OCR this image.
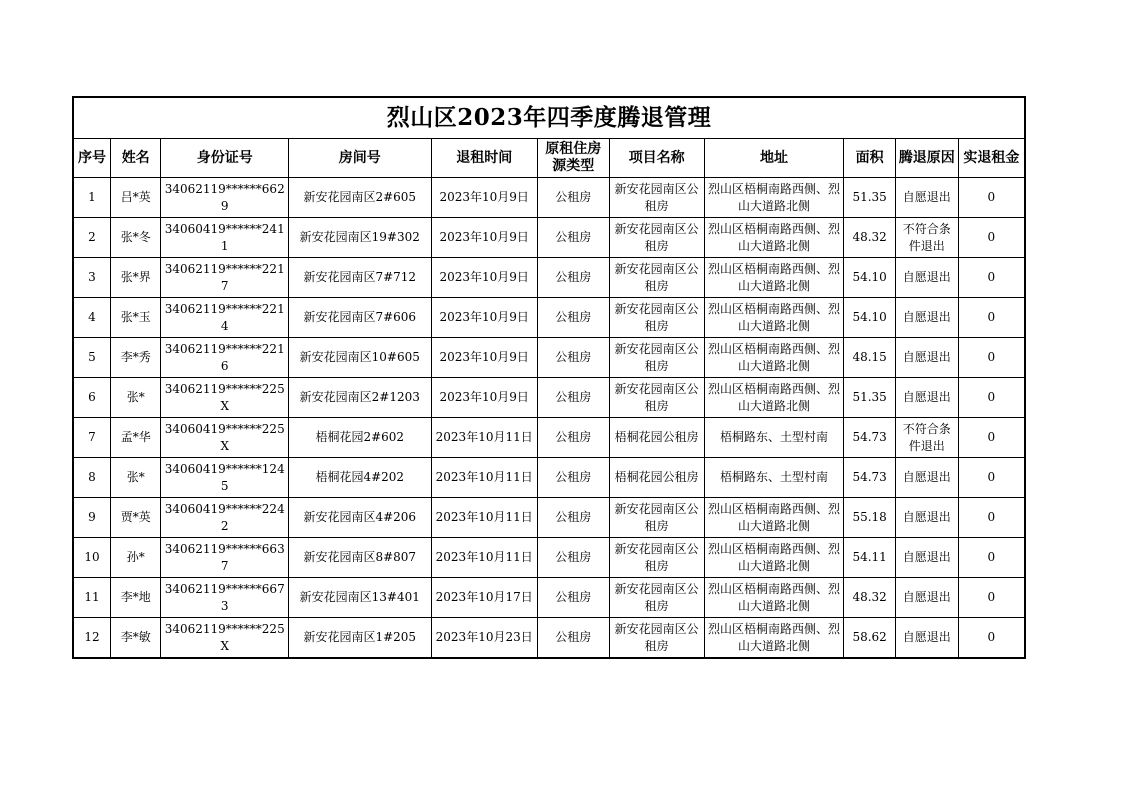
烈山区2023年四季度腾退管理
序号	姓名	身份证号	房间号	退租时间	原租住房源类型	项目名称	地址	面积	腾退原因	实退租金
1	吕*英	34062119******6629	新安花园南区2#605	2023年10月9日	公租房	新安花园南区公租房	烈山区梧桐南路西侧、烈山大道路北侧	51.35	自愿退出	0
2	张*冬	34060419******2411	新安花园南区19#302	2023年10月9日	公租房	新安花园南区公租房	烈山区梧桐南路西侧、烈山大道路北侧	48.32	不符合条件退出	0
3	张*界	34062119******2217	新安花园南区7#712	2023年10月9日	公租房	新安花园南区公租房	烈山区梧桐南路西侧、烈山大道路北侧	54.10	自愿退出	0
4	张*玉	34062119******2214	新安花园南区7#606	2023年10月9日	公租房	新安花园南区公租房	烈山区梧桐南路西侧、烈山大道路北侧	54.10	自愿退出	0
5	李*秀	34062119******2216	新安花园南区10#605	2023年10月9日	公租房	新安花园南区公租房	烈山区梧桐南路西侧、烈山大道路北侧	48.15	自愿退出	0
6	张*	34062119******225X	新安花园南区2#1203	2023年10月9日	公租房	新安花园南区公租房	烈山区梧桐南路西侧、烈山大道路北侧	51.35	自愿退出	0
7	孟*华	34060419******225X	梧桐花园2#602	2023年10月11日	公租房	梧桐花园公租房	梧桐路东、土型村南	54.73	不符合条件退出	0
8	张*	34060419******1245	梧桐花园4#202	2023年10月11日	公租房	梧桐花园公租房	梧桐路东、土型村南	54.73	自愿退出	0
9	贾*英	34060419******2242	新安花园南区4#206	2023年10月11日	公租房	新安花园南区公租房	烈山区梧桐南路西侧、烈山大道路北侧	55.18	自愿退出	0
10	孙*	34062119******6637	新安花园南区8#807	2023年10月11日	公租房	新安花园南区公租房	烈山区梧桐南路西侧、烈山大道路北侧	54.11	自愿退出	0
11	李*地	34062119******6673	新安花园南区13#401	2023年10月17日	公租房	新安花园南区公租房	烈山区梧桐南路西侧、烈山大道路北侧	48.32	自愿退出	0
12	李*敏	34062119******225X	新安花园南区1#205	2023年10月23日	公租房	新安花园南区公租房	烈山区梧桐南路西侧、烈山大道路北侧	58.62	自愿退出	0
